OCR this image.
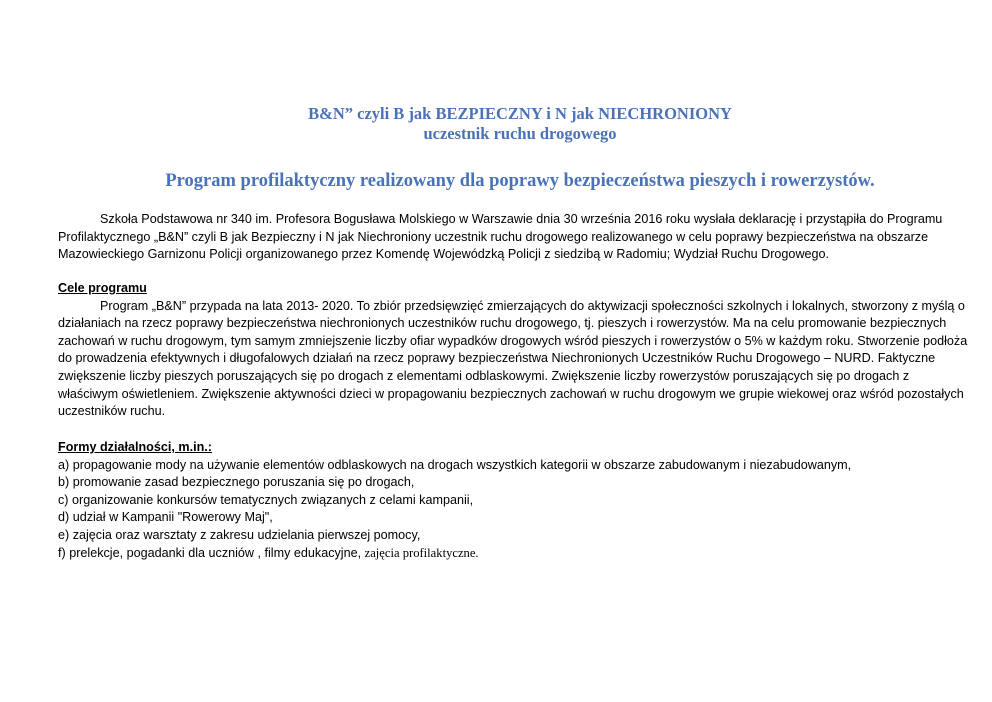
B&N” czyli B jak BEZPIECZNY i N jak NIECHRONIONY
uczestnik ruchu drogowego
Program profilaktyczny realizowany dla poprawy bezpieczeństwa pieszych i rowerzystów.

Szkoła Podstawowa nr 340 im. Profesora Bogusława Molskiego w Warszawie dnia 30 września 2016 roku wysłała deklarację i przystąpiła do Programu Profilaktycznego „B&N” czyli B jak Bezpieczny i N jak Niechroniony uczestnik ruchu drogowego realizowanego w celu poprawy bezpieczeństwa na obszarze Mazowieckiego Garnizonu Policji organizowanego przez Komendę Wojewódzką Policji z siedzibą w Radomiu; Wydział Ruchu Drogowego.

Cele programu

Program „B&N” przypada na lata 2013- 2020. To zbiór przedsięwzięć zmierzających do aktywizacji społeczności szkolnych i lokalnych, stworzony z myślą o działaniach na rzecz poprawy bezpieczeństwa niechronionych uczestników ruchu drogowego, tj. pieszych i rowerzystów. Ma na celu promowanie bezpiecznych zachowań w ruchu drogowym, tym samym zmniejszenie liczby ofiar wypadków drogowych wśród pieszych i rowerzystów o 5% w każdym roku. Stworzenie podłoża do prowadzenia efektywnych i długofalowych działań na rzecz poprawy bezpieczeństwa Niechronionych Uczestników Ruchu Drogowego – NURD. Faktyczne zwiększenie liczby pieszych poruszających się po drogach z elementami odblaskowymi. Zwiększenie liczby rowerzystów poruszających się po drogach z właściwym oświetleniem. Zwiększenie aktywności dzieci w propagowaniu bezpiecznych zachowań w ruchu drogowym we grupie wiekowej oraz wśród pozostałych uczestników ruchu.

Formy działalności, m.in.:

a) propagowanie mody na używanie elementów odblaskowych na drogach wszystkich kategorii w obszarze zabudowanym i niezabudowanym,

b) promowanie zasad bezpiecznego poruszania się po drogach,

c) organizowanie konkursów tematycznych związanych z celami kampanii,

d) udział w Kampanii "Rowerowy Maj",

e) zajęcia oraz warsztaty z zakresu udzielania pierwszej pomocy,

f) prelekcje, pogadanki dla uczniów , filmy edukacyjne, zajęcia profilaktyczne.
